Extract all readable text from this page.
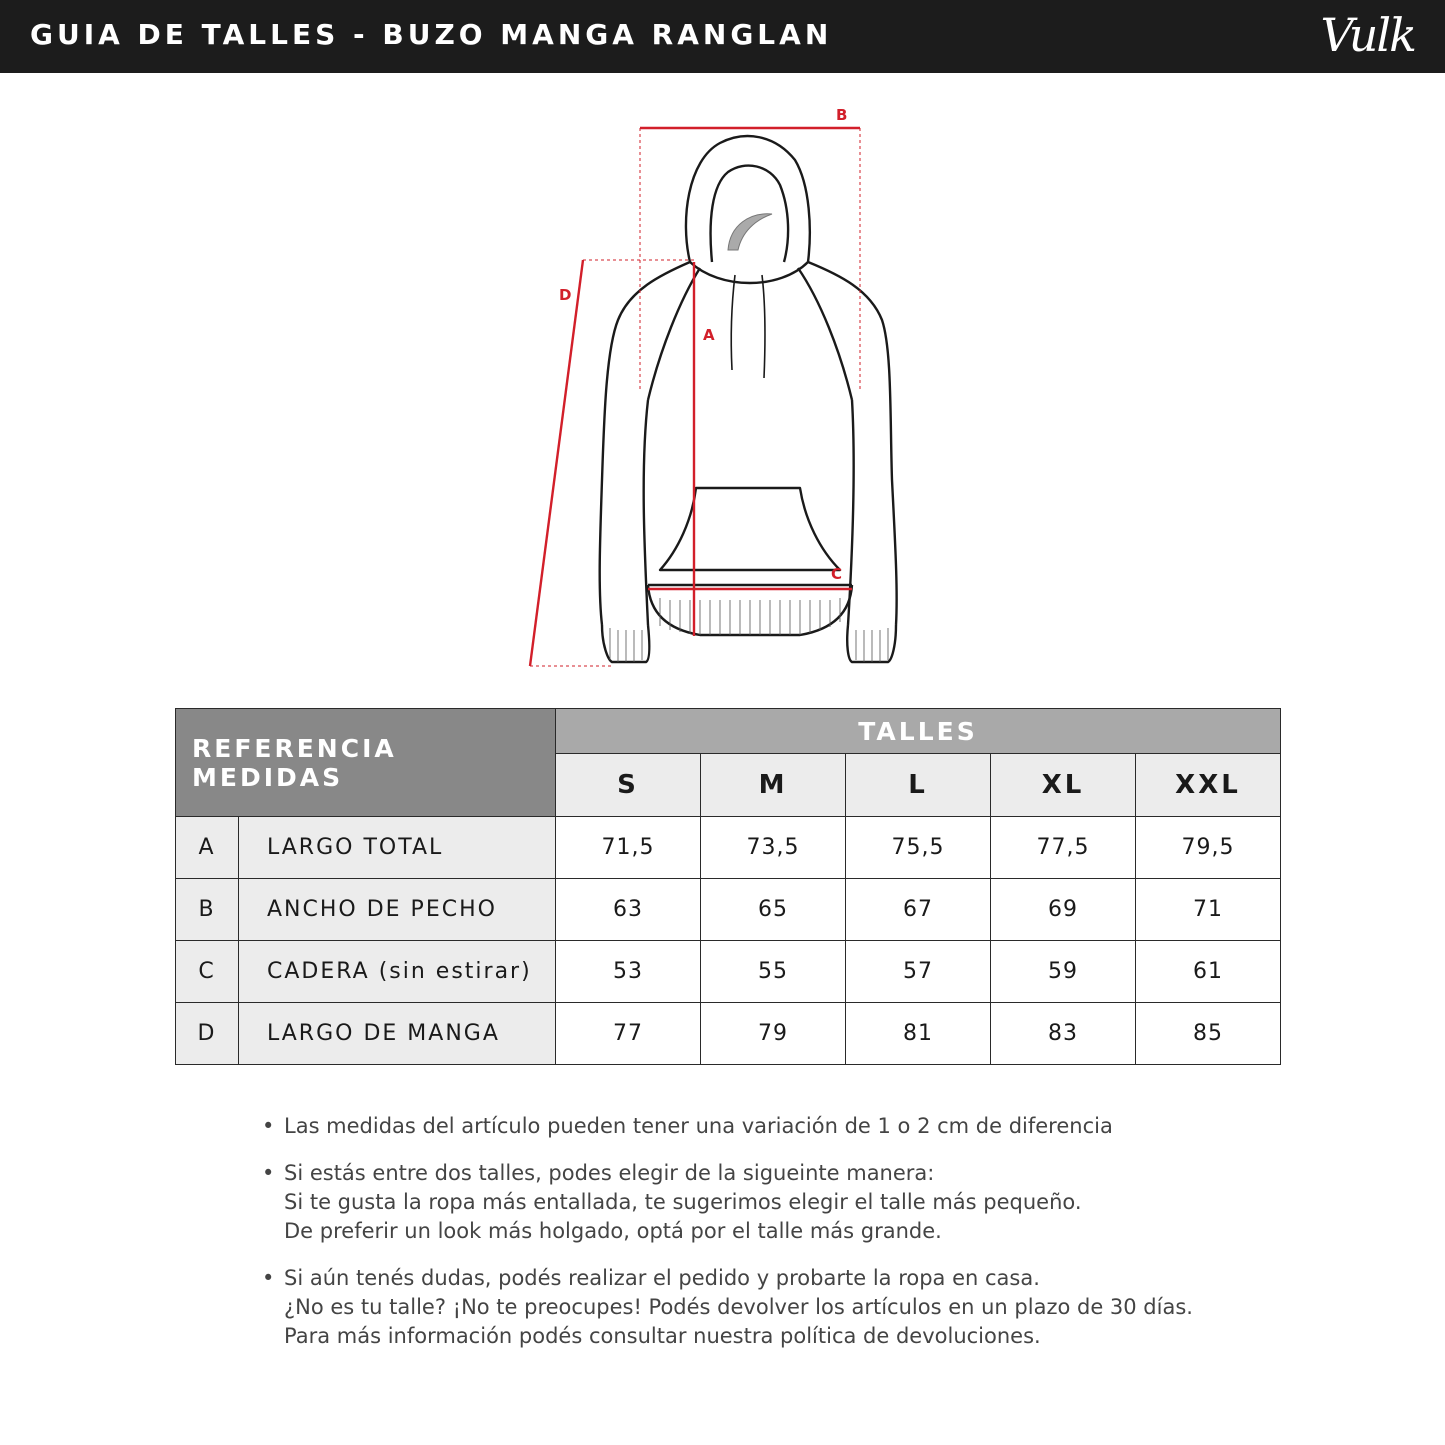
GUIA DE TALLES - BUZO MANGA RANGLAN	Vulk
B
A
C
D
REFERENCIA MEDIDAS		TALLES				
		S	M	L	XL	XXL
A	LARGO TOTAL	71,5	73,5	75,5	77,5	79,5
B	ANCHO DE PECHO	63	65	67	69	71
C	CADERA (sin estirar)	53	55	57	59	61
D	LARGO DE MANGA	77	79	81	83	85
• Las medidas del artículo pueden tener una variación de 1 o 2 cm de diferencia
• Si estás entre dos talles, podes elegir de la sigueinte manera:
Si te gusta la ropa más entallada, te sugerimos elegir el talle más pequeño.
De preferir un look más holgado, optá por el talle más grande.
• Si aún tenés dudas, podés realizar el pedido y probarte la ropa en casa.
¿No es tu talle? ¡No te preocupes! Podés devolver los artículos en un plazo de 30 días.
Para más información podés consultar nuestra política de devoluciones.
